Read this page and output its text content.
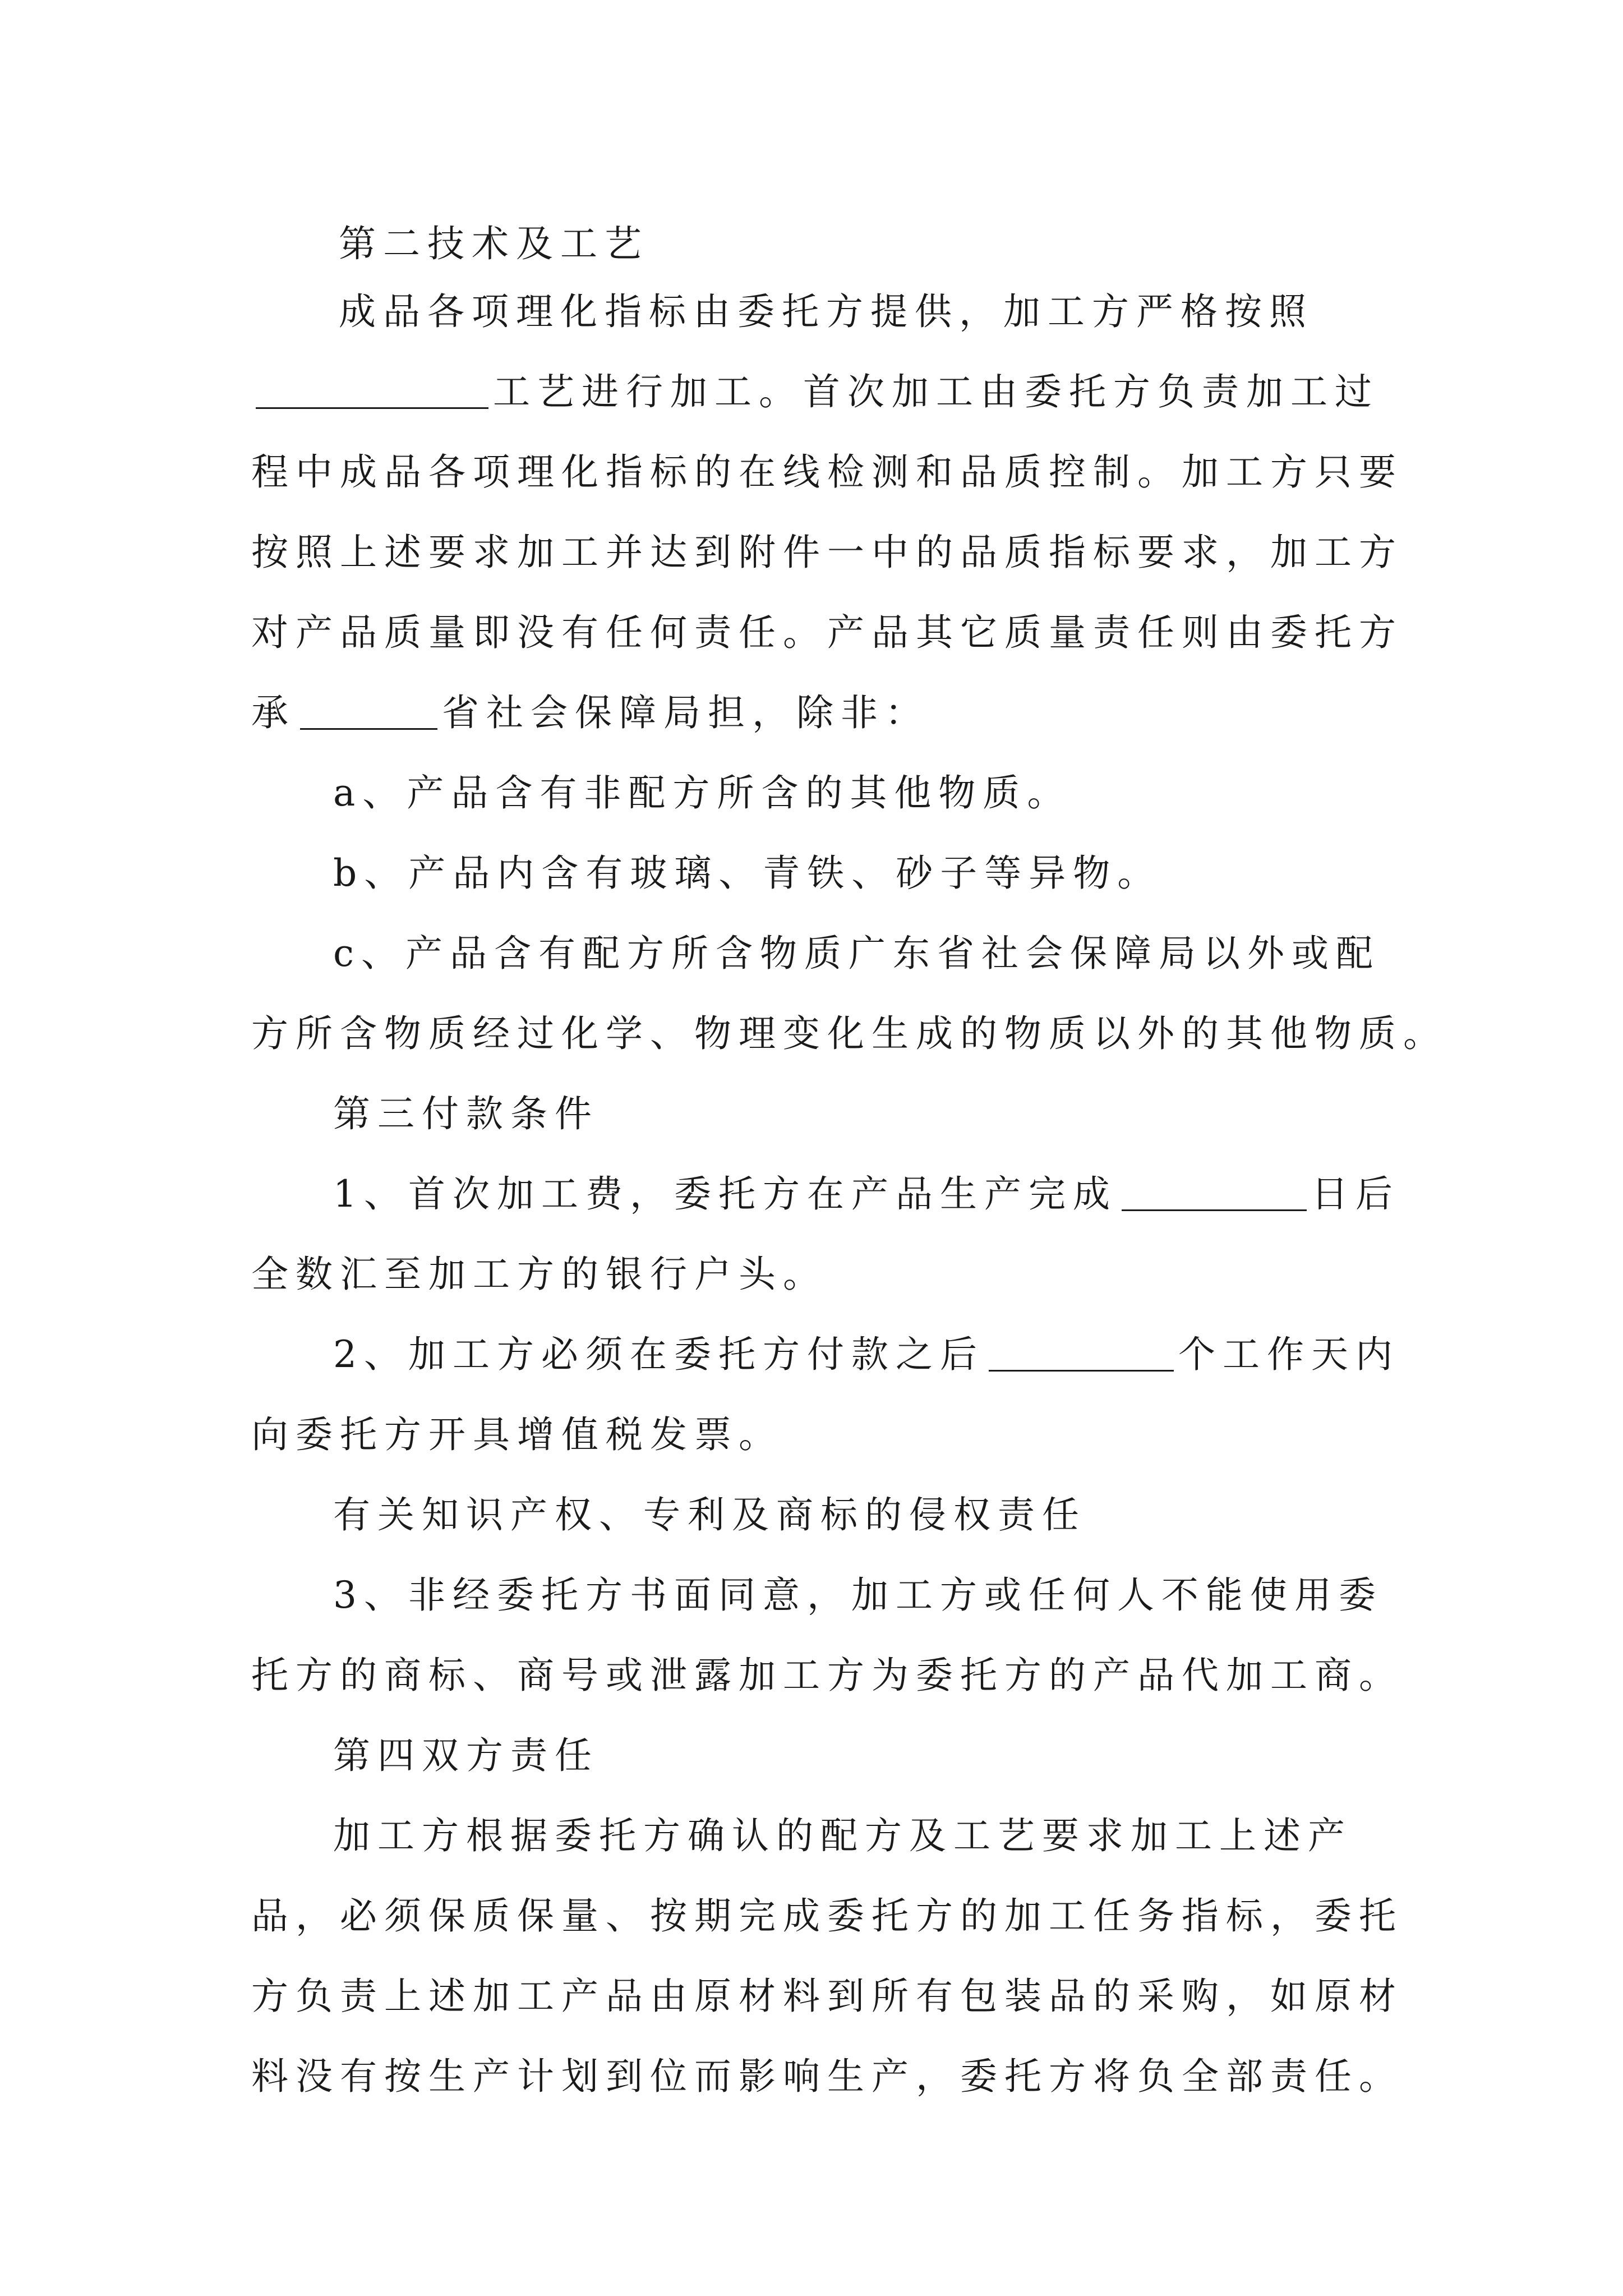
第二技术及工艺

成品各项理化指标由委托方提供，加工方严格按照

工艺进行加工。首次加工由委托方负责加工过

程中成品各项理化指标的在线检测和品质控制。加工方只要

按照上述要求加工并达到附件一中的品质指标要求，加工方

对产品质量即没有任何责任。产品其它质量责任则由委托方

承	省社会保障局担，除非：

a、产品含有非配方所含的其他物质。

b、产品内含有玻璃、青铁、砂子等异物。

c、产品含有配方所含物质广东省社会保障局以外或配

方所含物质经过化学、物理变化生成的物质以外的其他物质。

第三付款条件

1、首次加工费，委托方在产品生产完成	日后

全数汇至加工方的银行户头。

2、加工方必须在委托方付款之后	个工作天内

向委托方开具增值税发票。

有关知识产权、专利及商标的侵权责任

3、非经委托方书面同意，加工方或任何人不能使用委

托方的商标、商号或泄露加工方为委托方的产品代加工商。

第四双方责任

加工方根据委托方确认的配方及工艺要求加工上述产

品，必须保质保量、按期完成委托方的加工任务指标，委托

方负责上述加工产品由原材料到所有包装品的采购，如原材

料没有按生产计划到位而影响生产，委托方将负全部责任。
